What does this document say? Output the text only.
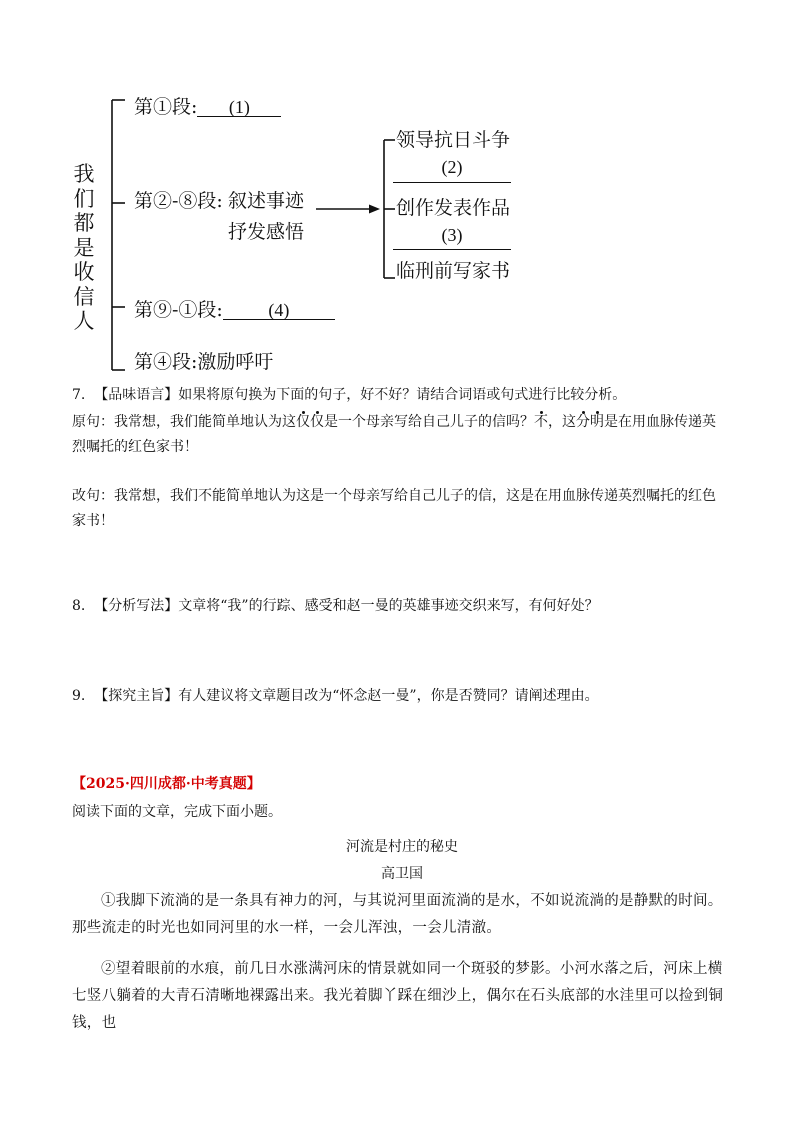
我们都是收信人
第①段: (1)
第②-⑧段: 叙述事迹
抒发感悟
领导抗日斗争
(2)
创作发表作品
(3)
临刑前写家书
第⑨-①段:	(4)
第④段:激励呼吁
7. 【品味语言】如果将原句换为下面的句子，好不好？请结合词语或句式进行比较分析。
原句：我常想，我们能简单地认为这仅仅是一个母亲写给自己儿子的信吗？不，这分明是在用血脉传递英
烈嘱托的红色家书！
改句：我常想，我们不能简单地认为这是一个母亲写给自己儿子的信，这是在用血脉传递英烈嘱托的红色
家书！
8. 【分析写法】文章将“我”的行踪、感受和赵一曼的英雄事迹交织来写，有何好处？
9. 【探究主旨】有人建议将文章题目改为“怀念赵一曼”，你是否赞同？请阐述理由。
【2025·四川成都·中考真题】
阅读下面的文章，完成下面小题。
河流是村庄的秘史
高卫国
①我脚下流淌的是一条具有神力的河，与其说河里面流淌的是水，不如说流淌的是静默的时间。那些流走的时光也如同河里的水一样，一会儿浑浊，一会儿清澈。
②望着眼前的水痕，前几日水涨满河床的情景就如同一个斑驳的梦影。小河水落之后，河床上横七竖八躺着的大青石清晰地裸露出来。我光着脚丫踩在细沙上，偶尔在石头底部的水洼里可以捡到铜钱，也
